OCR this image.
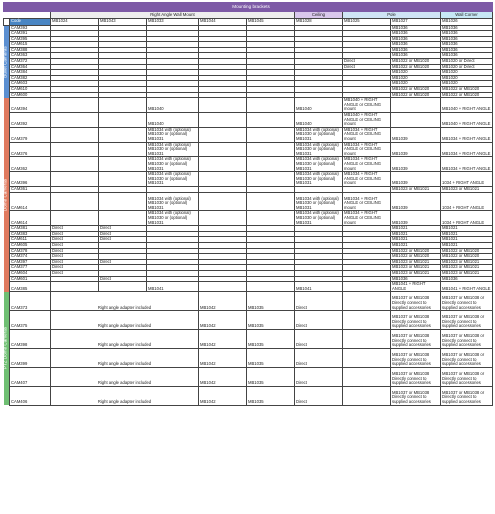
	Mounting brackets									
		Right Angle Wall Mount					Ceiling	Pole		Wall Corner
	Code	MB1024	MB1043	MB1033	MB1044	MB1045	MB1028	MB1025	MB1027	MB1026

Bullet Cameras	CAM393								MB1036	MB1036
	CAM391								MB1036	MB1036
	CAM395								MB1036	MB1036
	CAM615								MB1036	MB1036
	CAM388								MB1036	MB1036
	CAM363								MB1036	MB1036
	CAM372							Direct	MB1022 or MB1020	MB1020 or Direct
	CAM364							Direct	MB1022 or MB1020	MB1020 or Direct
	CAM384								MB1020	MB1020
	CAM382								MB1020	MB1020
	CAM603								MB1020	MB1020
	CAM610								MB1022 or MB1020	MB1022 or MB1020
	CAM600								MB1022 or MB1020	MB1022 or MB1020

Dome Cameras	CAM394			MB1040			MB1040	MB1040 + RIGHT ANGLE or CEILING mount		MB1040 + RIGHT ANGLE
	CAM392			MB1040			MB1040	MB1040 + RIGHT ANGLE or CEILING mount		MB1040 + RIGHT ANGLE
	CAM379			MB1034 with (optional) MB1030 or (optional) MB1031			MB1034 with (optional) MB1030 or (optional) MB1031	MB1034 + RIGHT ANGLE or CEILING mount	MB1039	MB1034 + RIGHT ANGLE
	CAM376			MB1034 with (optional) MB1030 or (optional) MB1031			MB1034 with (optional) MB1030 or (optional) MB1031	MB1034 + RIGHT ANGLE or CEILING mount	MB1039	MB1034 + RIGHT ANGLE
	CAM362			MB1034 with (optional) MB1030 or (optional) MB1031			MB1034 with (optional) MB1030 or (optional) MB1031	MB1034 + RIGHT ANGLE or CEILING mount	MB1039	MB1034 + RIGHT ANGLE
	CAM396			MB1034 with (optional) MB1030 or (optional) MB1031			MB1034 with (optional) MB1030 or (optional) MB1031	MB1034 + RIGHT ANGLE or CEILING mount	MB1039	1034 + RIGHT ANGLE
	CAM361								MB1023 or MB1021	MB1023 or MB1021
	CAM614			MB1034 with (optional) MB1030 or (optional) MB1031			MB1034 with (optional) MB1030 or (optional) MB1031	MB1034 + RIGHT ANGLE or CEILING mount	MB1039	1034 + RIGHT ANGLE
	CAM614			MB1034 with (optional) MB1030 or (optional) MB1031			MB1034 with (optional) MB1030 or (optional) MB1031	MB1034 + RIGHT ANGLE or CEILING mount	MB1039	1034 + RIGHT ANGLE
	CAM381	Direct	Direct						MB1021	MB1021
	CAM383	Direct	Direct						MB1021	MB1021
	CAM611	Direct	Direct						MB1021	MB1021
	CAM605	Direct							MB1021	MB1021
	CAM378	Direct							MB1022 or MB1020	MB1022 or MB1020
	CAM374	Direct							MB1022 or MB1020	MB1022 or MB1020
	CAM397	Direct	Direct						MB1023 or MB1021	MB1023 or MB1021
	CAM377	Direct							MB1023 or MB1021	MB1023 or MB1021
	CAM604	Direct							MB1023 or MB1021	MB1023 or MB1021
	CAM601		Direct						MB1036	MB1036
	CAM385			MB1041			MB1041		MB1041 + RIGHT ANGLE	MB1041 + RIGHT ANGLE

PTZ Dome Cameras	CAM373	Right angle adapter included			MB1042	MB1035	Direct		MB1037 or MB1038 Directly connect to supplied accessories	MB1037 or MB1038 or Directly connect to supplied accessories
	CAM375	Right angle adapter included			MB1042	MB1035	Direct		MB1037 or MB1038 Directly connect to supplied accessories	MB1037 or MB1038 or Directly connect to supplied accessories
	CAM398	Right angle adapter included			MB1042	MB1035	Direct		MB1037 or MB1038 Directly connect to supplied accessories	MB1037 or MB1038 or Directly connect to supplied accessories
	CAM399	Right angle adapter included			MB1042	MB1035	Direct		MB1037 or MB1038 Directly connect to supplied accessories	MB1037 or MB1038 or Directly connect to supplied accessories
	CAM407	Right angle adapter included			MB1042	MB1035	Direct		MB1037 or MB1038 Directly connect to supplied accessories	MB1037 or MB1038 or Directly connect to supplied accessories
	CAM406	Right angle adapter included			MB1042	MB1035	Direct		MB1037 or MB1038 Directly connect to supplied accessories	MB1037 or MB1038 or Directly connect to supplied accessories
